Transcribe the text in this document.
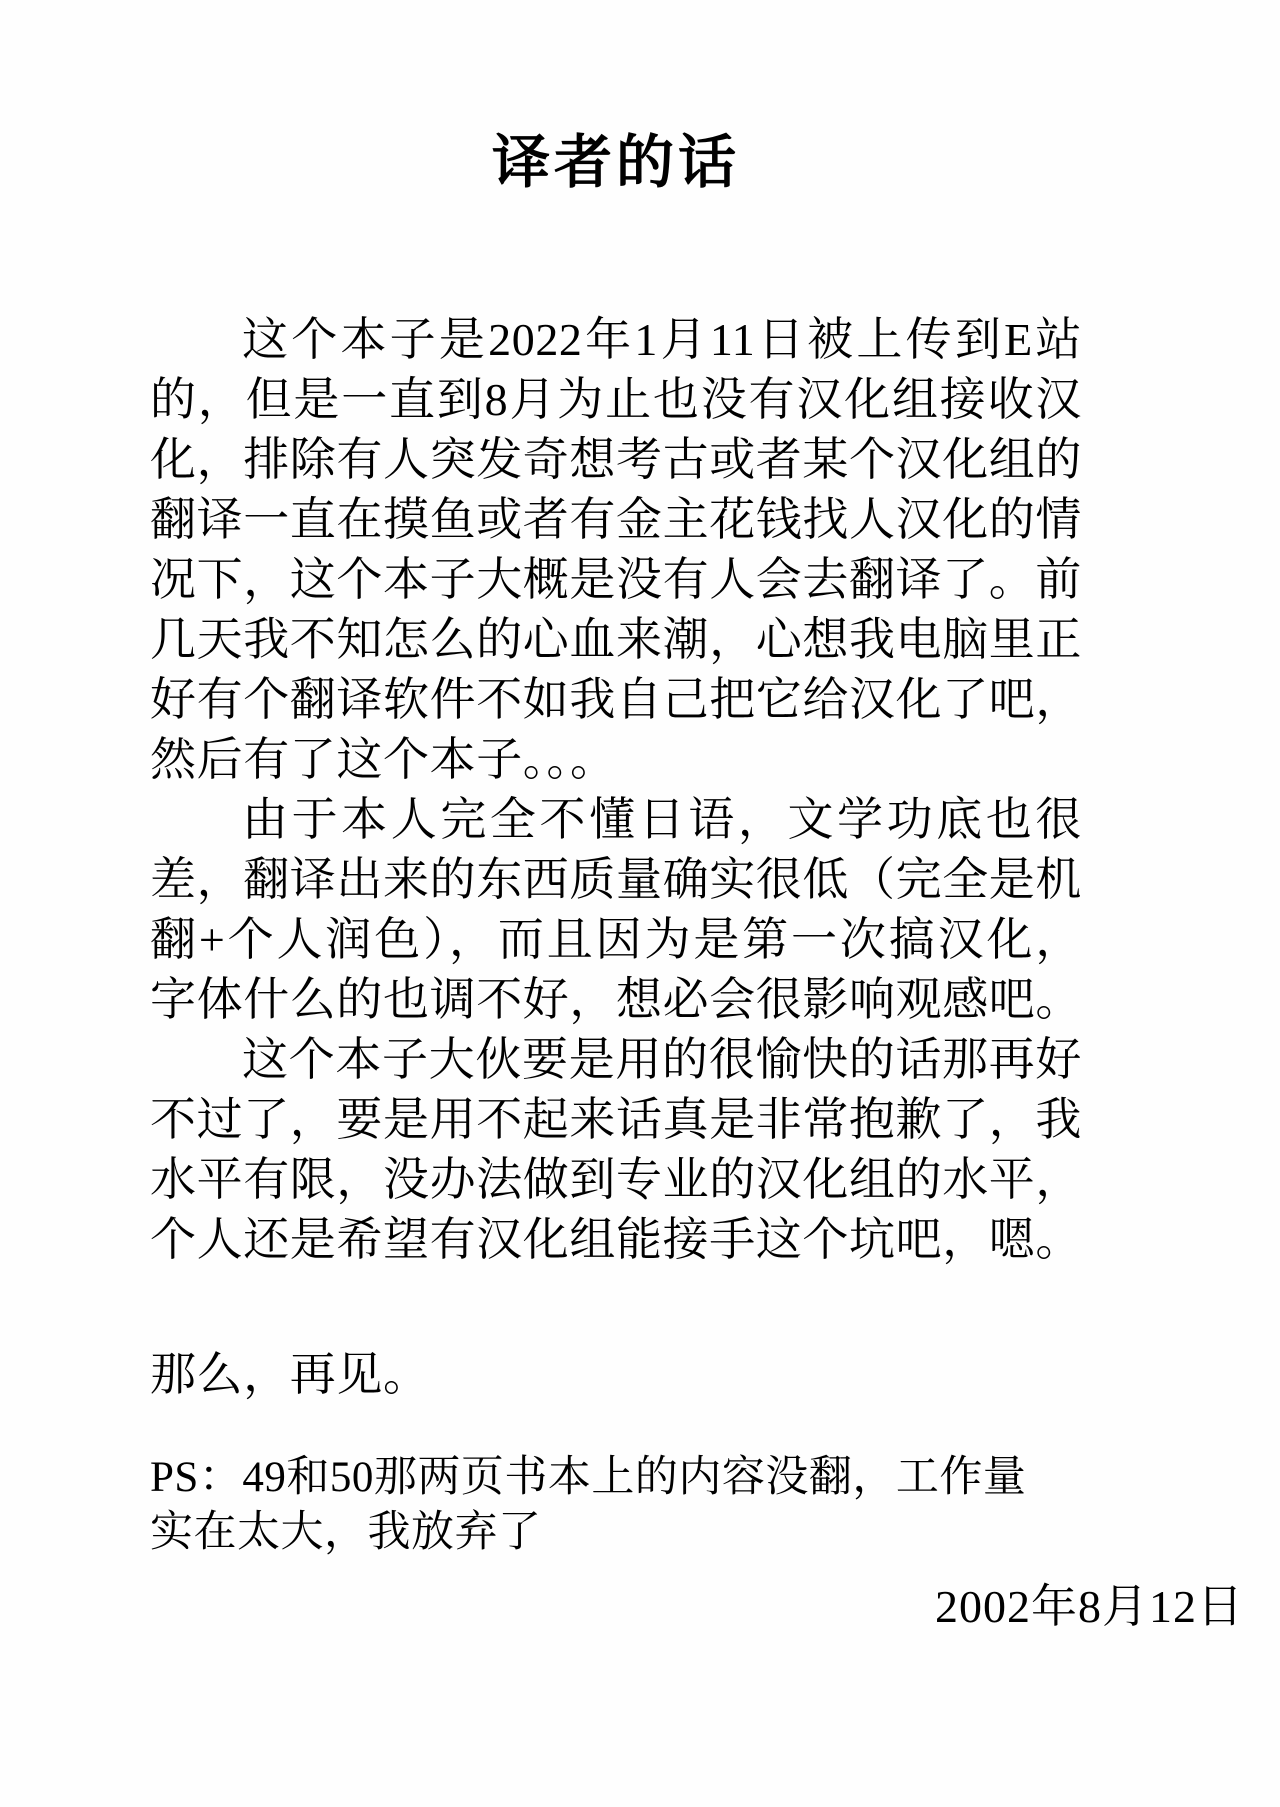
译者的话

这个本子是2022年1月11日被上传到E站的，但是一直到8月为止也没有汉化组接收汉化，排除有人突发奇想考古或者某个汉化组的翻译一直在摸鱼或者有金主花钱找人汉化的情况下，这个本子大概是没有人会去翻译了。前几天我不知怎么的心血来潮，心想我电脑里正好有个翻译软件不如我自己把它给汉化了吧，然后有了这个本子。。。

由于本人完全不懂日语，文学功底也很差，翻译出来的东西质量确实很低（完全是机翻+个人润色），而且因为是第一次搞汉化，字体什么的也调不好，想必会很影响观感吧。

这个本子大伙要是用的很愉快的话那再好不过了，要是用不起来话真是非常抱歉了，我水平有限，没办法做到专业的汉化组的水平，个人还是希望有汉化组能接手这个坑吧，嗯。

那么，再见。

PS：49和50那两页书本上的内容没翻，工作量实在太大，我放弃了

2002年8月12日
